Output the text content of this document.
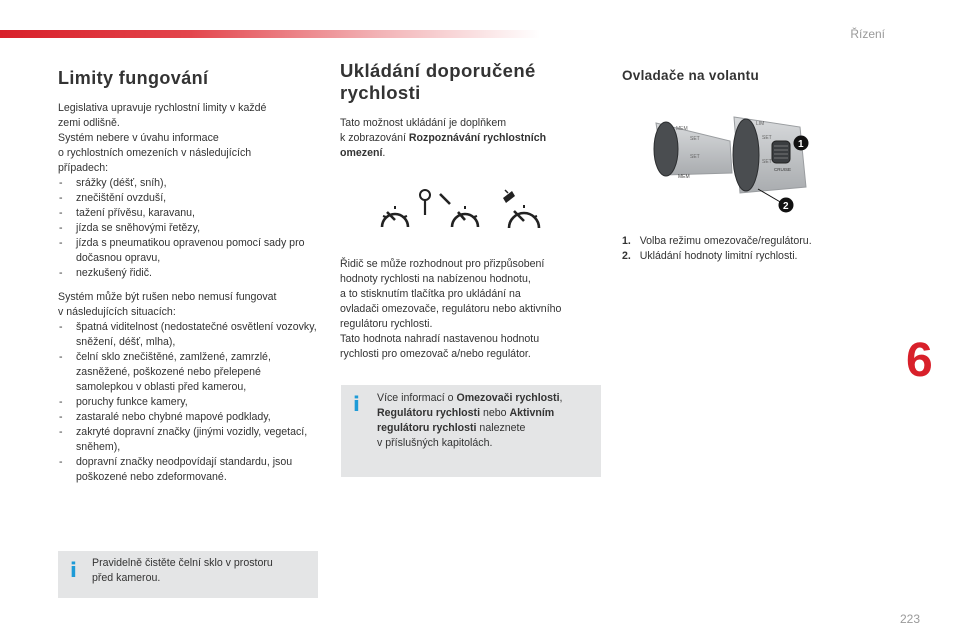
Řízení
Limity fungování

Legislativa upravuje rychlostní limity v každé
zemi odlišně.
Systém nebere v úvahu informace
o rychlostních omezeních v následujících
případech:

- srážky (déšť, sníh),
- znečištění ovzduší,
- tažení přívěsu, karavanu,
- jízda se sněhovými řetězy,
- jízda s pneumatikou opravenou pomocí sady pro dočasnou opravu,
- nezkušený řidič.

Systém může být rušen nebo nemusí fungovat
v následujících situacích:

- špatná viditelnost (nedostatečné osvětlení vozovky, sněžení, déšť, mlha),
- čelní sklo znečištěné, zamlžené, zamrzlé, zasněžené, poškozené nebo přelepené samolepkou v oblasti před kamerou,
- poruchy funkce kamery,
- zastaralé nebo chybné mapové podklady,
- zakryté dopravní značky (jinými vozidly, vegetací, sněhem),
- dopravní značky neodpovídají standardu, jsou poškozené nebo zdeformované.
i Pravidelně čistěte čelní sklo v prostoru
před kamerou.

Ukládání doporučené
rychlosti

Tato možnost ukládání je doplňkem
k zobrazování Rozpoznávání rychlostních
omezení.

Řidič se může rozhodnout pro přizpůsobení
hodnoty rychlosti na nabízenou hodnotu,
a to stisknutím tlačítka pro ukládání na
ovladači omezovače, regulátoru nebo aktivního
regulátoru rychlosti.
Tato hodnota nahradí nastavenou hodnotu
rychlosti pro omezovač a/nebo regulátor.

i Více informací o Omezovači rychlosti,
Regulátoru rychlosti nebo Aktivním
regulátoru rychlosti naleznete
v příslušných kapitolách.

Ovladače na volantu
MEM
SET
SET
MEM
LIM
SET
SET
CRUISE
1
2
1. Volba režimu omezovače/regulátoru.
2. Ukládání hodnoty limitní rychlosti.
6
223
